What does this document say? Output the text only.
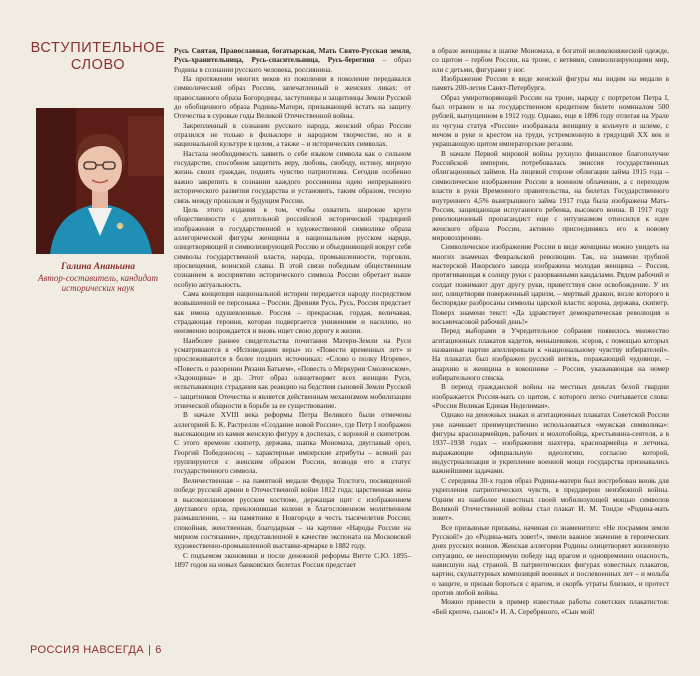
ВСТУПИТЕЛЬНОЕ
СЛОВО
Галина Ананьина
Автор-составитель, кандидат исторических наук

Русь Святая, Православная, богатырская, Мать Свято-Русская земля, Русь-хранительница, Русь-спасительница, Русь-берегиня – образ Родины в сознании русского человека, россиянина.

На протяжении многих веков из поколения в поколение передавался символический образ России, запечатленный в женских ликах: от православного образа Богородицы, заступницы и защитницы Земли Русской до обобщенного образа Родины-Матери, призывающей встать на защиту Отечества в суровые годы Великой Отечественной войны.

Закрепленный в сознании русского народа, женский образ России отразился не только в фольклоре и народном творчестве, но и в национальной культуре в целом, а также – и исторических символах.

Настала необходимость заявить о себе языком символа как о сильном государстве, способном защитить веру, любовь, свободу, истину, мирную жизнь своих граждан, поднять чувство патриотизма. Сегодня особенно важно закрепить в сознании каждого россиянина идею непрерывного исторического развития государства и установить, таким образом, тесную связь между прошлым и будущим России.

Цель этого издания в том, чтобы охватить широкие круги общественности с длительной российской исторической традицией изображения в государственной и художественной символике образа аллегорической фигуры женщины в национальном русском наряде, олицетворяющей и символизирующей Россию и объединяющей вокруг себя символы государственной власти, народа, промышленности, торговли, просвещения, воинской славы. В этой связи победным общественным сознанием к восприятию исторического символа России обретает выше особую актуальность.

Сама концепция национальной истории передается народу посредством возвышенной ее персонажа – России. Древняя Русь, Русь, Россия предстает как имена одушевленные. Россия – прекрасная, гордая, величавая, страдающая героиня, которая подвергается унижениям и насилию, но неизменно возрождается и вновь ищет свою дорогу в жизни.

Наиболее раннее свидетельства почитания Матери-Земли на Руси усматриваются в «Исповедании веры» из «Повести временных лет» и прослеживаются в более поздних источниках: «Слово о полку Игореве», «Повесть о разорении Рязани Батыем», «Повесть о Меркурии Смоленском», «Задонщина» и др. Этот образ олицетворяет всех женщин Руси, испытывающих страдания как реакцию на бедствия сыновей Земли Русской – защитников Отечества и является действенным механизмом мобилизации этнической общности в борьбе за ее существование.

В начале XVIII века реформы Петра Великого были отмечены аллегорией Б. К. Растрелли «Создание новой России», где Петр I изображен высекающим из камня женскую фигуру в доспехах, с короной и скипетром. С этого времени скипетр, держава, шапка Мономаха, двуглавый орел, Георгий Победоносец – характерные имперские атрибуты – всякий раз группируются с женским образом России, возводя его в статус государственного символа.

Величественная – на памятной медали Федора Толстого, посвященной победе русской армии в Отечественной войне 1812 года; царственная жена в высокоплановом русском костюме, держащая щит с изображением двуглавого орла, преклонившая колени в благословенном молитвенном размышлении, – на памятнике в Новгороде в честь тысячелетия России; спокойная, женственная, благодарная – на картине «Народы России на мирном состязании», представленной в качестве экспоната на Московской художественно-промышленной выставке-ярмарке в 1882 году.

С подъемом экономики и после денежной реформы Витте С.Ю. 1895–1897 годов на новых банковских билетах Россия предстает

в образе женщины в шапке Мономаха, в богатой великокняжеской одежде, со щитом – гербом России, на троне, с ветвями, символизирующими мир, или с детьми, фигурами у ног.

Изображение России в виде женской фигуры мы видим на медали в память 200-летия Санкт-Петербурга.

Образ умиротворяющей России на троне, наряду с портретом Петра I, был отражен и на государственном кредитном билете номиналом 500 рублей, выпущенном в 1912 году. Однако, еще в 1896 году отлитая на Урале из чугуна статуя «Россия» изображала женщину в кольчуге и шлеме, с мечом в руке и крестом на груди, устремленную в грядущий XX век и украшающую щитом императорские регалии.

В начале Первой мировой войны рухнуло финансовое благополучие Российской империи, потребовалась эмиссия государственных облигационных займов. На лицевой стороне облигации займа 1915 года – символическое изображение России в военном облачении, а с переходом власти в руки Временного правительства, на билетах Государственного внутреннего 4,5% выигрышного займа 1917 года была изображена Мать-Россия, защищающая испуганного ребенка, высокого воина. В 1917 году революционный пропагандист еще с энтузиазмом относился к идее женского образа России, активно присоединяясь его к новому мировоззрению.

Символическое изображение России в виде женщины можно увидеть на многих знаменах Февральской революции. Так, на знамени трубной мастерской Ижорского завода изображена молодая женщина – Россия, протягивающая к солнцу руки с разорванными кандалами. Рядом рабочий и солдат пожимают друг другу руки, приветствуя свое освобождение. У их ног, олицетворяя поверженный царизм, – мертвый дракон, возле которого в беспорядке разбросаны символы царской власти: корона, держава, скипетр. Поверх знамени текст: «Да здравствует демократическая революция и восьмичасовой рабочий день!»

Перед выборами в Учредительное собрание появилось множество агитационных плакатов кадетов, меньшевиков, эсеров, с помощью которых названные партии апеллировали к «национальному чувству избирателей». На плакатах был изображен русский витязь, поражающий чудовище, – анархию и женщина в кокошнике – Россия, указывающая на номер избирательного списка.

В период гражданской войны на местных деньгах белой гвардии изображается Россия-мать со щитом, с которого легко считывается слова: «Россия Великая Единая Неделимая».

Однако на денежных знаках и агитационных плакатах Советской России уже начинает преимущественно использоваться «мужская символика»: фигуры красноармейцев, рабочих и молотобойца, крестьянина-сеятеля, а в 1937–1938 годах – изображения шахтера, красноармейца и летчика, выражающие официальную идеологию, согласно которой, индустриализация и укрепление военной мощи государства признавались важнейшими задачами.

С середины 30-х годов образ Родины-матери был востребован вновь для укрепления патриотических чувств, в преддверии неизбежной войны. Одним из наиболее известных своей мобилизующей мощью символов Великой Отечественной войны стал плакат И. М. Тоидзе «Родина-мать зовет».

Все призывные призывы, начиная со знаменитого: «Не посрамим земли Русской!» до «Родина-мать зовет!», имели важное значение в героических днях русских воинов. Женская аллегория Родины олицетворяет жизненную ситуацию, ее неоспоримую победу над врагом и одновременно опасность, нависшую над страной. В патриотических фигурах известных плакатов, картин, скульптурных композиций военных и послевоенных лет – и мольба о защите, и призыв бороться с врагом, и скорбь утраты близких, и протест против любой войны.

Можно привести в пример известные работы советских плакатистов: «Бей крепче, сынок!» И. А. Серебряного, «Сын мой!

РОССИЯ НАВСЕГДА | 6
